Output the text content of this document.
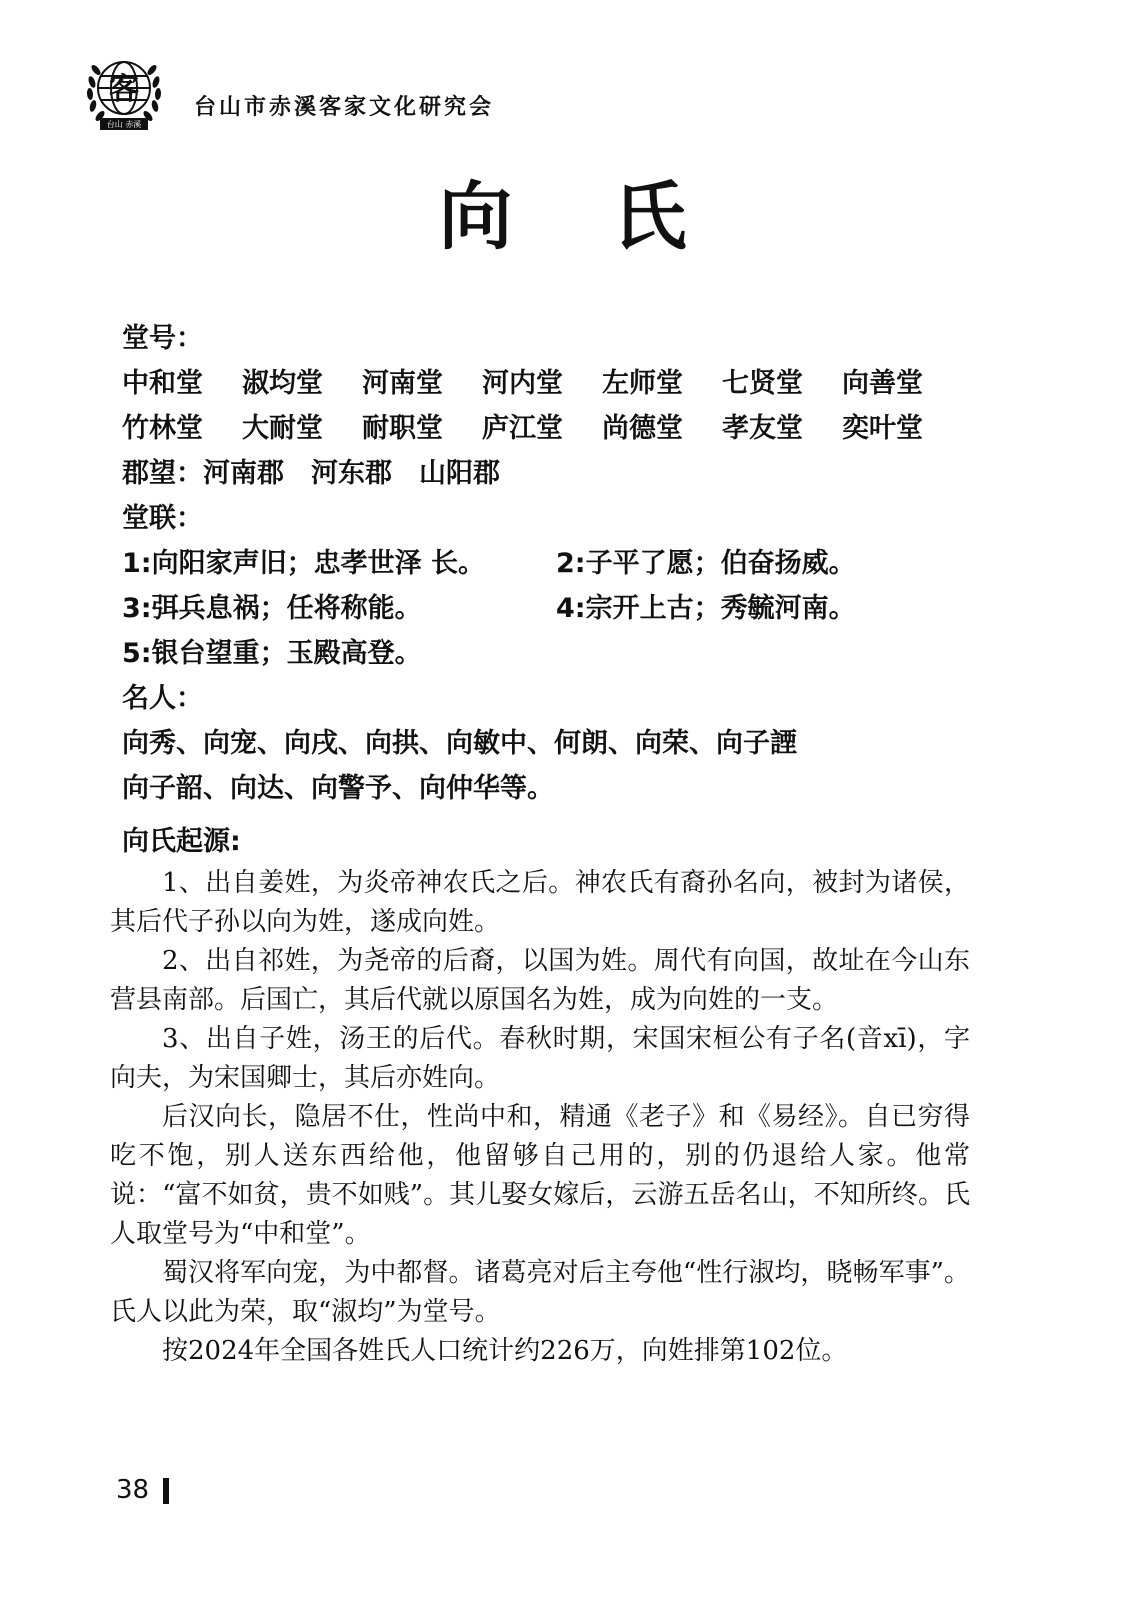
客
台山 赤溪
台山市赤溪客家文化研究会
向 氏
堂号：
中和堂 淑均堂 河南堂 河内堂 左师堂 七贤堂 向善堂
竹林堂 大耐堂 耐职堂 庐江堂 尚德堂 孝友堂 奕叶堂
郡望：河南郡　 河东郡　 山阳郡
堂联：
1:向阳家声旧；忠孝世泽 长。	2:子平了愿；伯奋扬威。
3:弭兵息祸；任将称能。	4:宗开上古；秀毓河南。
5:银台望重；玉殿高登。
名人：
向秀、向宠、向戌、向拱、向敏中、何朗、向荣、向子諲
向子韶、向达、向警予、向仲华等。
向氏起源:

1、出自姜姓，为炎帝神农氏之后。神农氏有裔孙名向，被封为诸侯，其后代子孙以向为姓，遂成向姓。

2、出自祁姓，为尧帝的后裔，以国为姓。周代有向国，故址在今山东营县南部。后国亡，其后代就以原国名为姓，成为向姓的一支。

3、出自子姓，汤王的后代。春秋时期，宋国宋桓公有子名(音xī)，字向夫，为宋国卿士，其后亦姓向。

后汉向长，隐居不仕，性尚中和，精通《老子》和《易经》。自已穷得吃不饱，别人送东西给他，他留够自己用的，别的仍退给人家。他常说：“富不如贫，贵不如贱”。其儿娶女嫁后，云游五岳名山，不知所终。氏人取堂号为“中和堂”。

蜀汉将军向宠，为中都督。诸葛亮对后主夸他“性行淑均，晓畅军事”。氏人以此为荣，取“淑均”为堂号。

按2024年全国各姓氏人口统计约226万，向姓排第102位。

38
